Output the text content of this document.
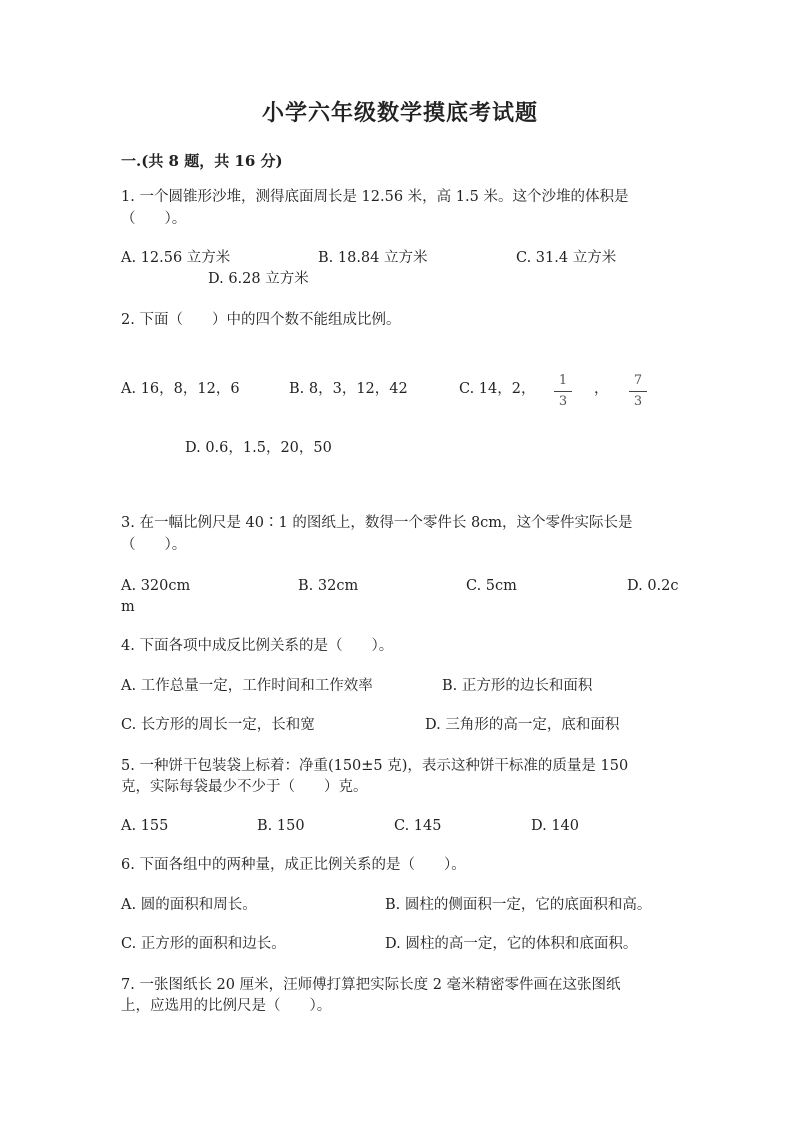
小学六年级数学摸底考试题
一.(共 8 题，共 16 分)
1. 一个圆锥形沙堆，测得底面周长是 12.56 米，高 1.5 米。这个沙堆的体积是
（　　）。
A. 12.56 立方米	B. 18.84 立方米	C. 31.4 立方米
D. 6.28 立方米
2. 下面（　　）中的四个数不能组成比例。
A. 16，8，12，6	B. 8，3，12，42	C. 14，2，
1
3
，
7
3
D. 0.6，1.5，20，50
3. 在一幅比例尺是 40∶1 的图纸上，数得一个零件长 8cm，这个零件实际长是
（　　）。
A. 320cm	B. 32cm	C. 5cm	D. 0.2c
m
4. 下面各项中成反比例关系的是（　　）。
A. 工作总量一定，工作时间和工作效率	B. 正方形的边长和面积
C. 长方形的周长一定，长和宽	D. 三角形的高一定，底和面积
5. 一种饼干包装袋上标着：净重(150±5 克)，表示这种饼干标准的质量是 150
克，实际每袋最少不少于（　　）克。
A. 155	B. 150	C. 145	D. 140
6. 下面各组中的两种量，成正比例关系的是（　　）。
A. 圆的面积和周长。	B. 圆柱的侧面积一定，它的底面积和高。
C. 正方形的面积和边长。	D. 圆柱的高一定，它的体积和底面积。
7. 一张图纸长 20 厘米，汪师傅打算把实际长度 2 毫米精密零件画在这张图纸
上，应选用的比例尺是（　　）。
